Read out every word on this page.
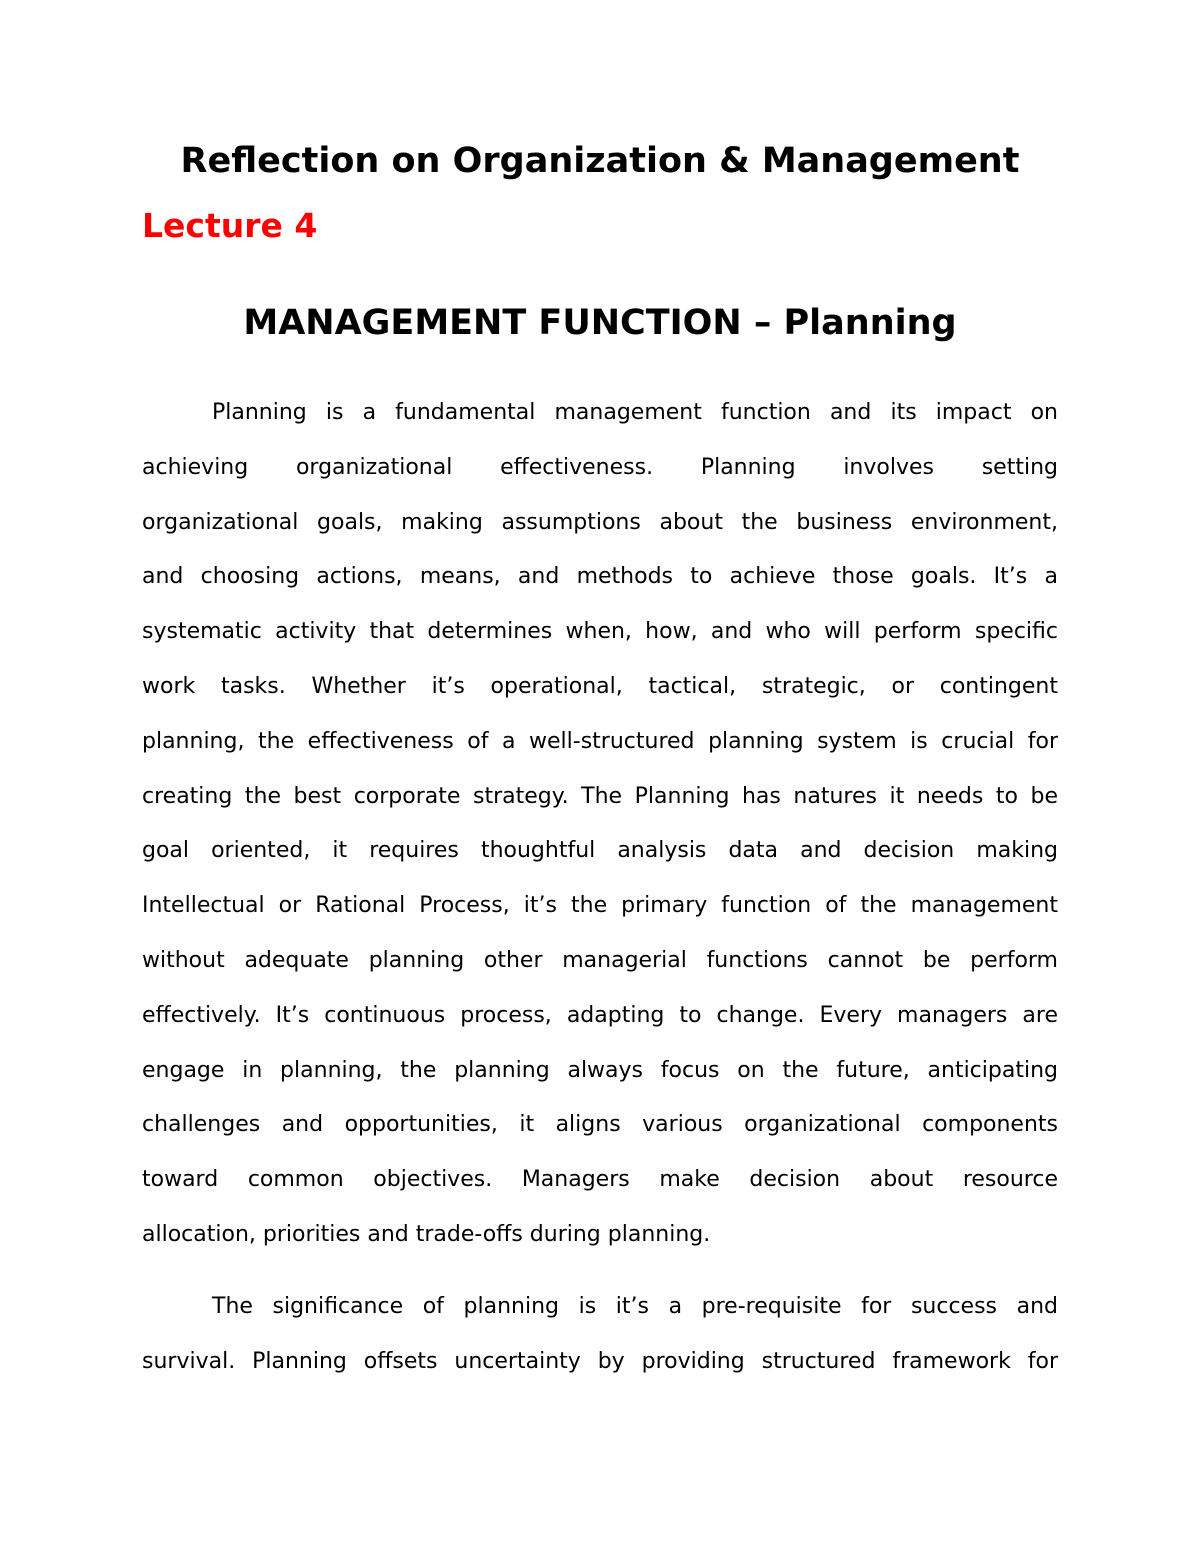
Reflection on Organization & Management
Lecture 4
MANAGEMENT FUNCTION – Planning

Planning is a fundamental management function and its impact on
achieving organizational effectiveness. Planning involves setting
organizational goals, making assumptions about the business environment,
and choosing actions, means, and methods to achieve those goals. It’s a
systematic activity that determines when, how, and who will perform specific
work tasks. Whether it’s operational, tactical, strategic, or contingent
planning, the effectiveness of a well-structured planning system is crucial for
creating the best corporate strategy. The Planning has natures it needs to be
goal oriented, it requires thoughtful analysis data and decision making
Intellectual or Rational Process, it’s the primary function of the management
without adequate planning other managerial functions cannot be perform
effectively. It’s continuous process, adapting to change. Every managers are
engage in planning, the planning always focus on the future, anticipating
challenges and opportunities, it aligns various organizational components
toward common objectives. Managers make decision about resource
allocation, priorities and trade-offs during planning.

The significance of planning is it’s a pre-requisite for success and
survival. Planning offsets uncertainty by providing structured framework for
